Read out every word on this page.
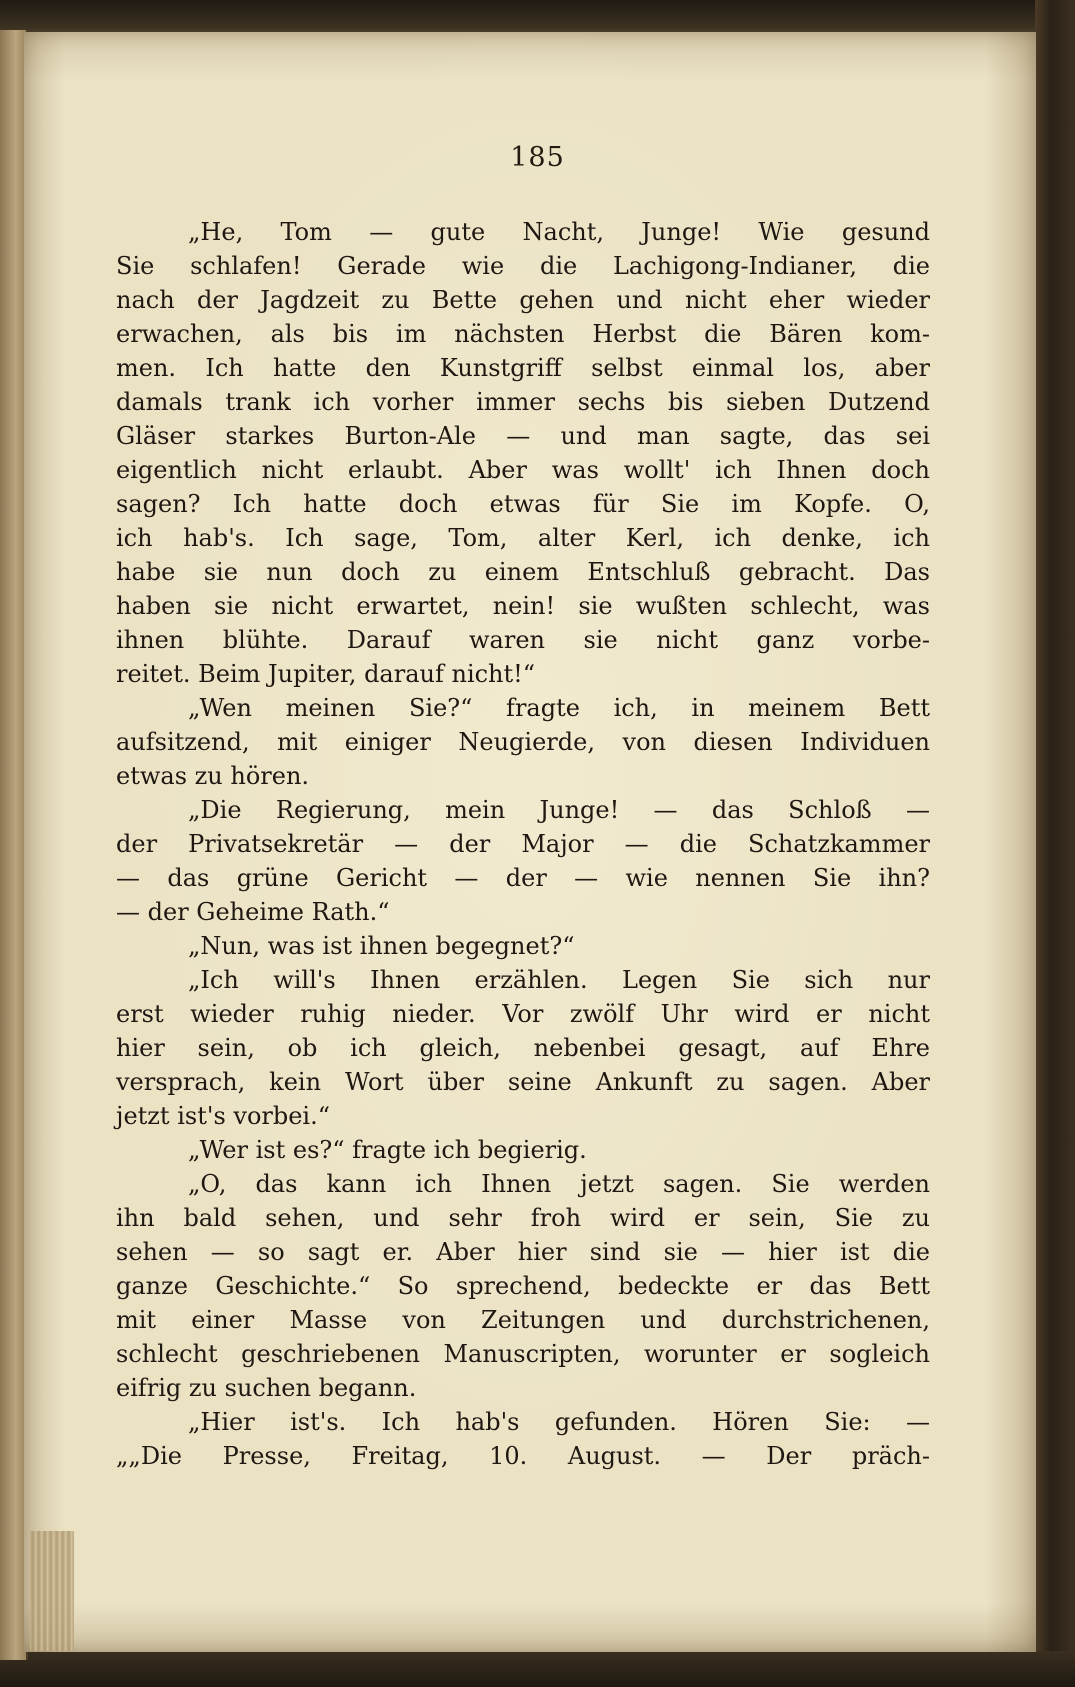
185
„He, Tom — gute Nacht, Junge! Wie gesund
Sie schlafen! Gerade wie die Lachigong-Indianer, die
nach der Jagdzeit zu Bette gehen und nicht eher wieder
erwachen, als bis im nächsten Herbst die Bären kom-
men. Ich hatte den Kunstgriff selbst einmal los, aber
damals trank ich vorher immer sechs bis sieben Dutzend
Gläser starkes Burton-Ale — und man sagte, das sei
eigentlich nicht erlaubt. Aber was wollt' ich Ihnen doch
sagen? Ich hatte doch etwas für Sie im Kopfe. O,
ich hab's. Ich sage, Tom, alter Kerl, ich denke, ich
habe sie nun doch zu einem Entschluß gebracht. Das
haben sie nicht erwartet, nein! sie wußten schlecht, was
ihnen blühte. Darauf waren sie nicht ganz vorbe-
reitet. Beim Jupiter, darauf nicht!“
„Wen meinen Sie?“ fragte ich, in meinem Bett
aufsitzend, mit einiger Neugierde, von diesen Individuen
etwas zu hören.
„Die Regierung, mein Junge! — das Schloß —
der Privatsekretär — der Major — die Schatzkammer
— das grüne Gericht — der — wie nennen Sie ihn?
— der Geheime Rath.“
„Nun, was ist ihnen begegnet?“
„Ich will's Ihnen erzählen. Legen Sie sich nur
erst wieder ruhig nieder. Vor zwölf Uhr wird er nicht
hier sein, ob ich gleich, nebenbei gesagt, auf Ehre
versprach, kein Wort über seine Ankunft zu sagen. Aber
jetzt ist's vorbei.“
„Wer ist es?“ fragte ich begierig.
„O, das kann ich Ihnen jetzt sagen. Sie werden
ihn bald sehen, und sehr froh wird er sein, Sie zu
sehen — so sagt er. Aber hier sind sie — hier ist die
ganze Geschichte.“ So sprechend, bedeckte er das Bett
mit einer Masse von Zeitungen und durchstrichenen,
schlecht geschriebenen Manuscripten, worunter er sogleich
eifrig zu suchen begann.
„Hier ist's. Ich hab's gefunden. Hören Sie: —
„„Die Presse, Freitag, 10. August. — Der präch-
